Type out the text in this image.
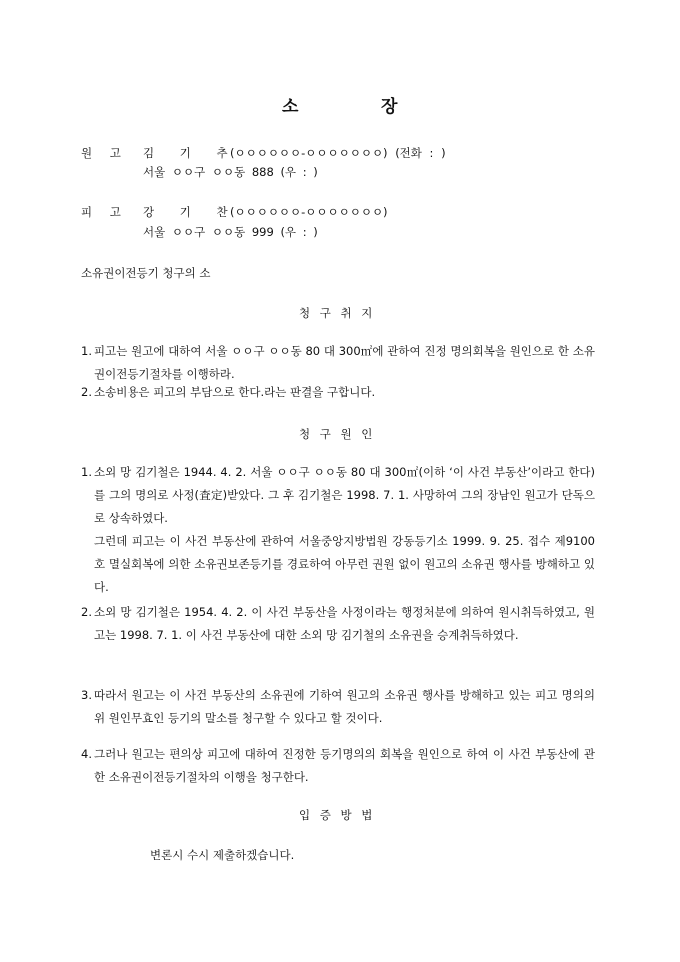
소	장
원 고 김 기 추 (ㅇㅇㅇㅇㅇㅇ-ㅇㅇㅇㅇㅇㅇㅇ) (전화 : )
서울 ㅇㅇ구 ㅇㅇ동 888 (우 : )
피 고 강 기 찬 (ㅇㅇㅇㅇㅇㅇ-ㅇㅇㅇㅇㅇㅇㅇ)
서울 ㅇㅇ구 ㅇㅇ동 999 (우 : )
소유권이전등기 청구의 소
청 구 취 지
1. 피고는 원고에 대하여 서울 ㅇㅇ구 ㅇㅇ동 80 대 300㎡에 관하여 진정 명의회복을 원인으로 한 소유권이전등기절차를 이행하라.
2. 소송비용은 피고의 부담으로 한다.라는 판결을 구합니다.
청 구 원 인
1. 소외 망 김기철은 1944. 4. 2. 서울 ㅇㅇ구 ㅇㅇ동 80 대 300㎡(이하 ‘이 사건 부동산’이라고 한다)를 그의 명의로 사정(査定)받았다. 그 후 김기철은 1998. 7. 1. 사망하여 그의 장남인 원고가 단독으로 상속하였다.
그런데 피고는 이 사건 부동산에 관하여 서울중앙지방법원 강동등기소 1999. 9. 25. 접수 제9100호 멸실회복에 의한 소유권보존등기를 경료하여 아무런 권원 없이 원고의 소유권 행사를 방해하고 있다.
2. 소외 망 김기철은 1954. 4. 2. 이 사건 부동산을 사정이라는 행정처분에 의하여 원시취득하였고, 원고는 1998. 7. 1. 이 사건 부동산에 대한 소외 망 김기철의 소유권을 승계취득하였다.
3. 따라서 원고는 이 사건 부동산의 소유권에 기하여 원고의 소유권 행사를 방해하고 있는 피고 명의의 위 원인무효인 등기의 말소를 청구할 수 있다고 할 것이다.
4. 그러나 원고는 편의상 피고에 대하여 진정한 등기명의의 회복을 원인으로 하여 이 사건 부동산에 관한 소유권이전등기절차의 이행을 청구한다.
입 증 방 법
변론시 수시 제출하겠습니다.
